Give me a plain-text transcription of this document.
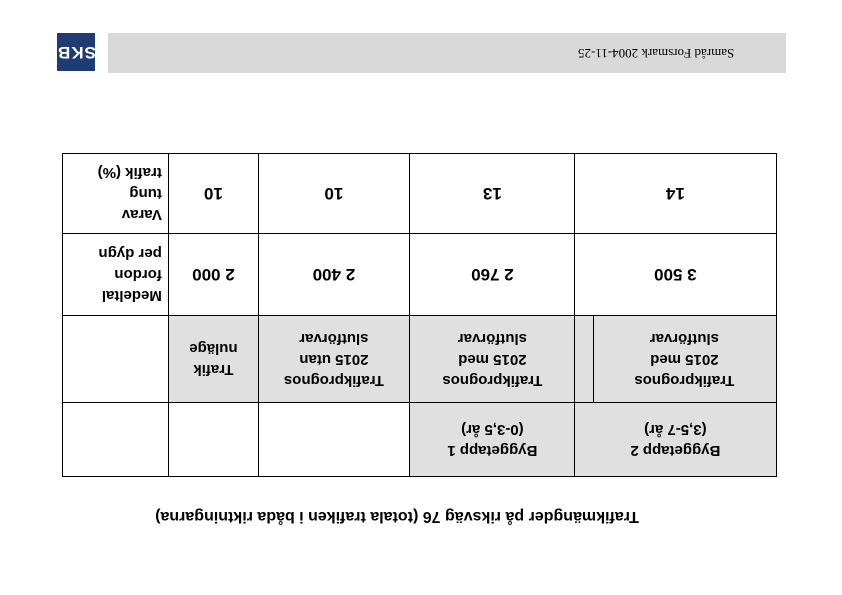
SKB	Samråd Forsmark 2004-11-25
Varav
tung
trafik (%)	10	10	13	14

Medeltal
fordon
per dygn	2 000	2 400	2 760	3 500

	Trafik
nuläge	Trafikprognos
2015 utan
slutförvar	Trafikprognos
2015 med
slutförvar	Trafikprognos
2015 med
slutförvar

			Byggetapp 1
(0-3,5 år)	Byggetapp 2
(3,5-7 år)
Trafikmängder på riksväg 76 (totala trafiken i båda riktningarna)
